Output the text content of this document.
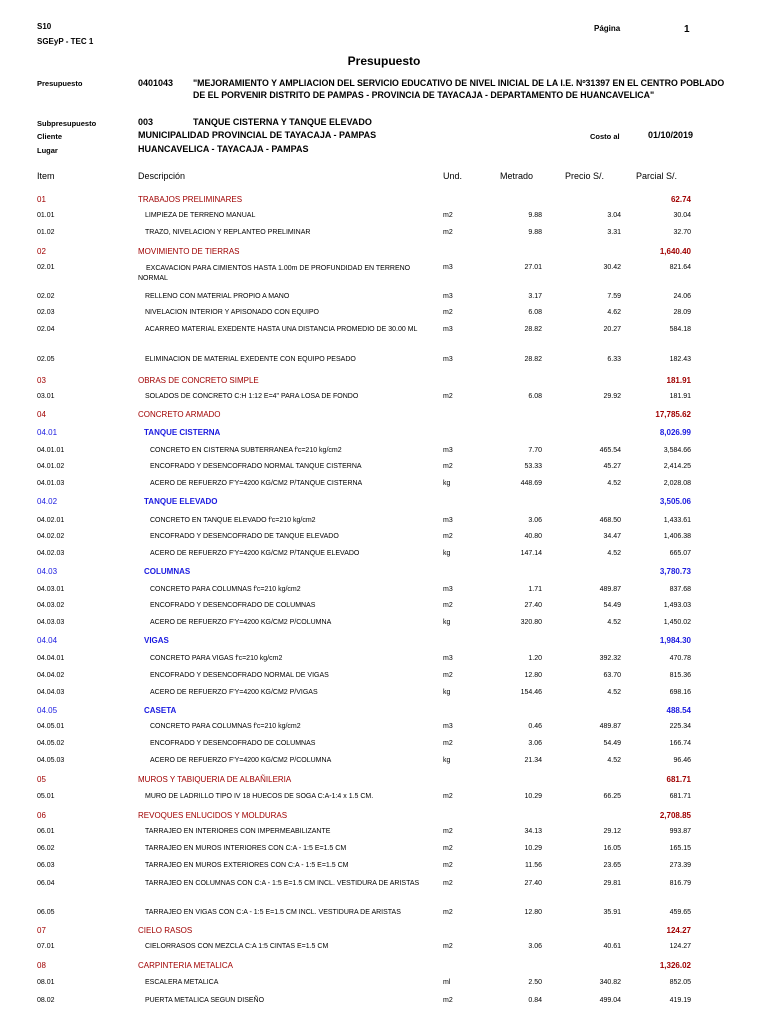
S10
SGEyP - TEC 1
Página	1
Presupuesto
Presupuesto	0401043 "MEJORAMIENTO Y AMPLIACION DEL SERVICIO EDUCATIVO DE NIVEL INICIAL DE LA I.E. Nº31397 EN EL CENTRO POBLADO
DE EL PORVENIR DISTRITO DE PAMPAS - PROVINCIA DE TAYACAJA - DEPARTAMENTO DE HUANCAVELICA"
Subpresupuesto	003	TANQUE CISTERNA Y TANQUE ELEVADO
Cliente	MUNICIPALIDAD PROVINCIAL DE TAYACAJA - PAMPAS	Costo al	01/10/2019
Lugar	HUANCAVELICA - TAYACAJA - PAMPAS
Item	Descripción	Und.	Metrado	Precio S/.	Parcial S/.
01	TRABAJOS PRELIMINARES	62.74
01.01	LIMPIEZA DE TERRENO MANUAL	m2	9.88	3.04	30.04
01.02	TRAZO, NIVELACION Y REPLANTEO PRELIMINAR	m2	9.88	3.31	32.70
02	MOVIMIENTO DE TIERRAS	1,640.40
02.01	EXCAVACION PARA CIMIENTOS HASTA 1.00m DE PROFUNDIDAD EN TERRENO NORMAL
m3	27.01	30.42	821.64
02.02	RELLENO CON MATERIAL PROPIO A MANO	m3	3.17	7.59	24.06
02.03	NIVELACION INTERIOR Y APISONADO CON EQUIPO	m2	6.08	4.62	28.09
02.04	ACARREO MATERIAL EXEDENTE HASTA UNA DISTANCIA PROMEDIO DE 30.00 ML	m3	28.82	20.27	584.18
02.05	ELIMINACION DE MATERIAL EXEDENTE CON EQUIPO PESADO	m3	28.82	6.33	182.43
03	OBRAS DE CONCRETO SIMPLE	181.91
03.01	SOLADOS DE CONCRETO C:H 1:12 E=4" PARA LOSA DE FONDO	m2	6.08	29.92	181.91
04	CONCRETO ARMADO	17,785.62
04.01	TANQUE CISTERNA	8,026.99
04.01.01	CONCRETO EN CISTERNA SUBTERRANEA f'c=210 kg/cm2	m3	7.70	465.54	3,584.66
04.01.02	ENCOFRADO Y DESENCOFRADO NORMAL TANQUE CISTERNA	m2	53.33	45.27	2,414.25
04.01.03	ACERO DE REFUERZO F'Y=4200 KG/CM2 P/TANQUE CISTERNA	kg	448.69	4.52	2,028.08
04.02	TANQUE ELEVADO	3,505.06
04.02.01	CONCRETO EN TANQUE ELEVADO f'c=210 kg/cm2	m3	3.06	468.50	1,433.61
04.02.02	ENCOFRADO Y DESENCOFRADO DE TANQUE ELEVADO	m2	40.80	34.47	1,406.38
04.02.03	ACERO DE REFUERZO F'Y=4200 KG/CM2 P/TANQUE ELEVADO	kg	147.14	4.52	665.07
04.03	COLUMNAS	3,780.73
04.03.01	CONCRETO PARA COLUMNAS f'c=210 kg/cm2	m3	1.71	489.87	837.68
04.03.02	ENCOFRADO Y DESENCOFRADO DE COLUMNAS	m2	27.40	54.49	1,493.03
04.03.03	ACERO DE REFUERZO F'Y=4200 KG/CM2 P/COLUMNA	kg	320.80	4.52	1,450.02
04.04	VIGAS	1,984.30
04.04.01	CONCRETO PARA VIGAS f'c=210 kg/cm2	m3	1.20	392.32	470.78
04.04.02	ENCOFRADO Y DESENCOFRADO NORMAL DE VIGAS	m2	12.80	63.70	815.36
04.04.03	ACERO DE REFUERZO F'Y=4200 KG/CM2 P/VIGAS	kg	154.46	4.52	698.16
04.05	CASETA	488.54
04.05.01	CONCRETO PARA COLUMNAS f'c=210 kg/cm2	m3	0.46	489.87	225.34
04.05.02	ENCOFRADO Y DESENCOFRADO DE COLUMNAS	m2	3.06	54.49	166.74
04.05.03	ACERO DE REFUERZO F'Y=4200 KG/CM2 P/COLUMNA	kg	21.34	4.52	96.46
05	MUROS Y TABIQUERIA DE ALBAÑILERIA	681.71
05.01	MURO DE LADRILLO TIPO IV 18 HUECOS DE SOGA C:A-1:4 x 1.5 CM.	m2	10.29	66.25	681.71
06	REVOQUES ENLUCIDOS Y MOLDURAS	2,708.85
06.01	TARRAJEO EN INTERIORES CON IMPERMEABILIZANTE	m2	34.13	29.12	993.87
06.02	TARRAJEO EN MUROS INTERIORES CON C:A - 1:5 E=1.5 CM	m2	10.29	16.05	165.15
06.03	TARRAJEO EN MUROS EXTERIORES CON C:A - 1:5 E=1.5 CM	m2	11.56	23.65	273.39
06.04	TARRAJEO EN COLUMNAS CON C:A - 1:5 E=1.5 CM INCL. VESTIDURA DE ARISTAS	m2	27.40	29.81	816.79
06.05	TARRAJEO EN VIGAS CON C:A - 1:5 E=1.5 CM INCL. VESTIDURA DE ARISTAS	m2	12.80	35.91	459.65
07	CIELO RASOS	124.27
07.01	CIELORRASOS CON MEZCLA C:A 1:5 CINTAS E=1.5 CM	m2	3.06	40.61	124.27
08	CARPINTERIA METALICA	1,326.02
08.01	ESCALERA METALICA	ml	2.50	340.82	852.05
08.02	PUERTA METALICA SEGUN DISEÑO	m2	0.84	499.04	419.19
